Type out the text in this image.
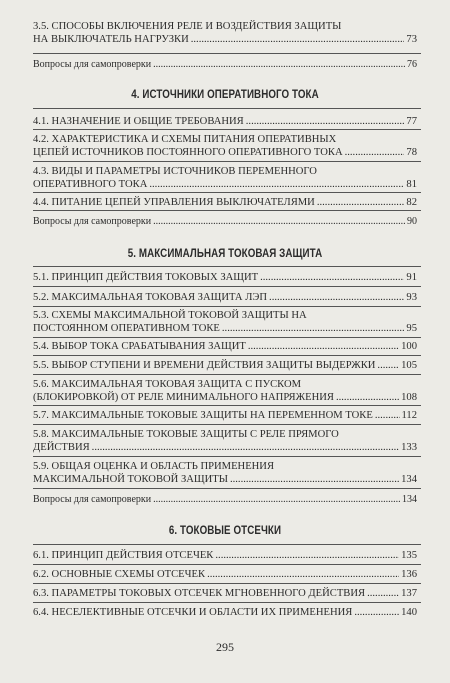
3.5. СПОСОБЫ ВКЛЮЧЕНИЯ РЕЛЕ И ВОЗДЕЙСТВИЯ ЗАЩИТЫ
НА ВЫКЛЮЧАТЕЛЬ НАГРУЗКИ .....	73
Вопросы для самопроверки .....	76
4. ИСТОЧНИКИ ОПЕРАТИВНОГО ТОКА
4.1. НАЗНАЧЕНИЕ И ОБЩИЕ ТРЕБОВАНИЯ .....	77
4.2. ХАРАКТЕРИСТИКА И СХЕМЫ ПИТАНИЯ ОПЕРАТИВНЫХ
ЦЕПЕЙ ИСТОЧНИКОВ ПОСТОЯННОГО ОПЕРАТИВНОГО ТОКА .....	78
4.3. ВИДЫ И ПАРАМЕТРЫ ИСТОЧНИКОВ ПЕРЕМЕННОГО
ОПЕРАТИВНОГО ТОКА .....	81
4.4. ПИТАНИЕ ЦЕПЕЙ УПРАВЛЕНИЯ ВЫКЛЮЧАТЕЛЯМИ .....	82
Вопросы для самопроверки .....	90
5. МАКСИМАЛЬНАЯ ТОКОВАЯ ЗАЩИТА
5.1. ПРИНЦИП ДЕЙСТВИЯ ТОКОВЫХ ЗАЩИТ .....	91
5.2. МАКСИМАЛЬНАЯ ТОКОВАЯ ЗАЩИТА ЛЭП .....	93
5.3. СХЕМЫ МАКСИМАЛЬНОЙ ТОКОВОЙ ЗАЩИТЫ НА
ПОСТОЯННОМ ОПЕРАТИВНОМ ТОКЕ .....	95
5.4. ВЫБОР ТОКА СРАБАТЫВАНИЯ ЗАЩИТ .....	100
5.5. ВЫБОР СТУПЕНИ И ВРЕМЕНИ ДЕЙСТВИЯ ЗАЩИТЫ ВЫДЕРЖКИ ..... 105
5.6. МАКСИМАЛЬНАЯ ТОКОВАЯ ЗАЩИТА С ПУСКОМ
(БЛОКИРОВКОЙ) ОТ РЕЛЕ МИНИМАЛЬНОГО НАПРЯЖЕНИЯ .....	108
5.7. МАКСИМАЛЬНЫЕ ТОКОВЫЕ ЗАЩИТЫ НА ПЕРЕМЕННОМ ТОКЕ .....	112
5.8. МАКСИМАЛЬНЫЕ ТОКОВЫЕ ЗАЩИТЫ С РЕЛЕ ПРЯМОГО
ДЕЙСТВИЯ .....	133
5.9. ОБЩАЯ ОЦЕНКА И ОБЛАСТЬ ПРИМЕНЕНИЯ
МАКСИМАЛЬНОЙ ТОКОВОЙ ЗАЩИТЫ .....	134
Вопросы для самопроверки .....	134
6. ТОКОВЫЕ ОТСЕЧКИ
6.1. ПРИНЦИП ДЕЙСТВИЯ ОТСЕЧЕК .....	135
6.2. ОСНОВНЫЕ СХЕМЫ ОТСЕЧЕК .....	136
6.3. ПАРАМЕТРЫ ТОКОВЫХ ОТСЕЧЕК МГНОВЕННОГО ДЕЙСТВИЯ .....	137
6.4. НЕСЕЛЕКТИВНЫЕ ОТСЕЧКИ И ОБЛАСТИ ИХ ПРИМЕНЕНИЯ .....	140
295
